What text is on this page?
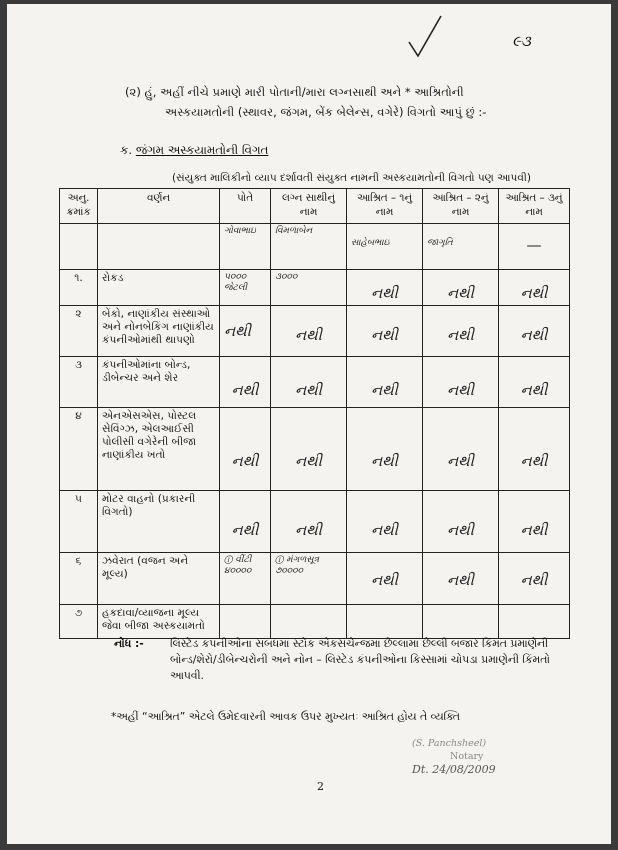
૯૩
(૨) હું, અહીં નીચે પ્રમાણે મારી પોતાની/મારા લગ્નસાથી અને * આશ્રિતોની
અસ્કયામતોની (સ્થાવર, જંગમ, બેંક બેલેન્સ, વગેરે) વિગતો આપું છું :-
ક. જંગમ અસ્કયામતોની વિગત
(સંયુક્ત માલિકીનો વ્યાપ દર્શાવતી સંયુક્ત નામની અસ્કયામતોની વિગતો પણ આપવી)
અનુ. ક્રમાંક	વર્ણન	પોતે	લગ્ન સાથીનું નામ	આશ્રિત – ૧નું નામ	આશ્રિત – ૨નું નામ	આશ્રિત – ૩નું નામ
		ગોવાભાઇ	વિમળાબેન	સાહેબભાઇ	જાગૃતિ	—
૧.	રોકડ	૫૦૦૦ જેટલી	૩૦૦૦	નથી	નથી	નથી
૨	બેંકો, નાણાંકીય સંસ્થાઓ અને નોનબેકિંગ નાણાંકીય કંપનીઓમાંથી થાપણો	નથી	નથી	નથી	નથી	નથી
૩	કંપનીઓમાંના બોન્ડ, ડીબેન્ચર અને શેર	નથી	નથી	નથી	નથી	નથી
૪	એનએસએસ, પોસ્ટલ સેવિંગ્ઝ, એલઆઈસી પોલીસી વગેરેની બીજા નાણાંકીય ખતો	નથી	નથી	નથી	નથી	નથી
૫	મોટર વાહનો (પ્રકારની વિગતો)	નથી	નથી	નથી	નથી	નથી
૬	ઝવેરાત (વજન અને મૂલ્ય)	① વીંટી ૪૦૦૦૦	① મંગળસૂત્ર ૭૦૦૦૦	નથી	નથી	નથી
૭	હકદાવા/વ્યાજના મૂલ્ય જેવા બીજા અસ્કયામતો					
નોંધ :- લિસ્ટેડ કંપનીઓના સંબંધમાં સ્ટોક એકસચેન્જમાં છેલ્લામાં છેલ્લી બજાર કિંમત પ્રમાણેની બોન્ડ/શેરો/ડીબેન્ચરોની અને નોન – લિસ્ટેડ કંપનીઓના કિસ્સામાં ચોપડા પ્રમાણેની કિંમતો આપવી.
*અહીં “આશ્રિત” એટલે ઉમેદવારની આવક ઉપર મુખ્યતઃ આશ્રિત હોય તે વ્યક્તિ
(S. Panchsheel)
Notary
Dt. 24/08/2009
2
